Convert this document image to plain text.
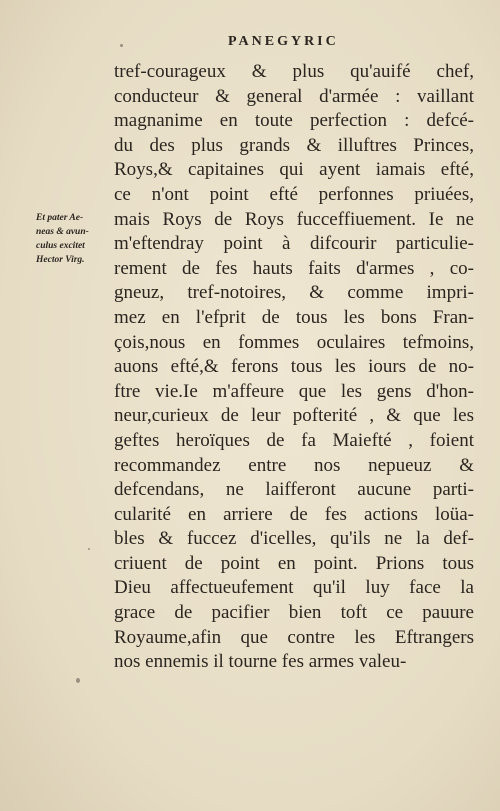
PANEGYRIC
Et pater Ae-
neas & avun-
culus excitet
Hector Virg.
tref-courageux & plus qu'auifé chef,
conducteur & general d'armée : vaillant
magnanime en toute perfection : defcé-
du des plus grands & illuftres Princes,
Roys,& capitaines qui ayent iamais efté,
ce n'ont point efté perfonnes priuées,
mais Roys de Roys fucceffiuement. Ie ne
m'eftendray point à difcourir particulie-
rement de fes hauts faits d'armes , co-
gneuz, tref-notoires, & comme impri-
mez en l'efprit de tous les bons Fran-
çois,nous en fommes oculaires tefmoins,
auons efté,& ferons tous les iours de no-
ftre vie.Ie m'affeure que les gens d'hon-
neur,curieux de leur pofterité , & que les
geftes heroïques de fa Maiefté , foient
recommandez entre nos nepueuz &
defcendans, ne laifferont aucune parti-
cularité en arriere de fes actions loüa-
bles & fuccez d'icelles, qu'ils ne la def-
criuent de point en point. Prions tous
Dieu affectueufement qu'il luy face la
grace de pacifier bien toft ce pauure
Royaume,afin que contre les Eftrangers
nos ennemis il tourne fes armes valeu-
